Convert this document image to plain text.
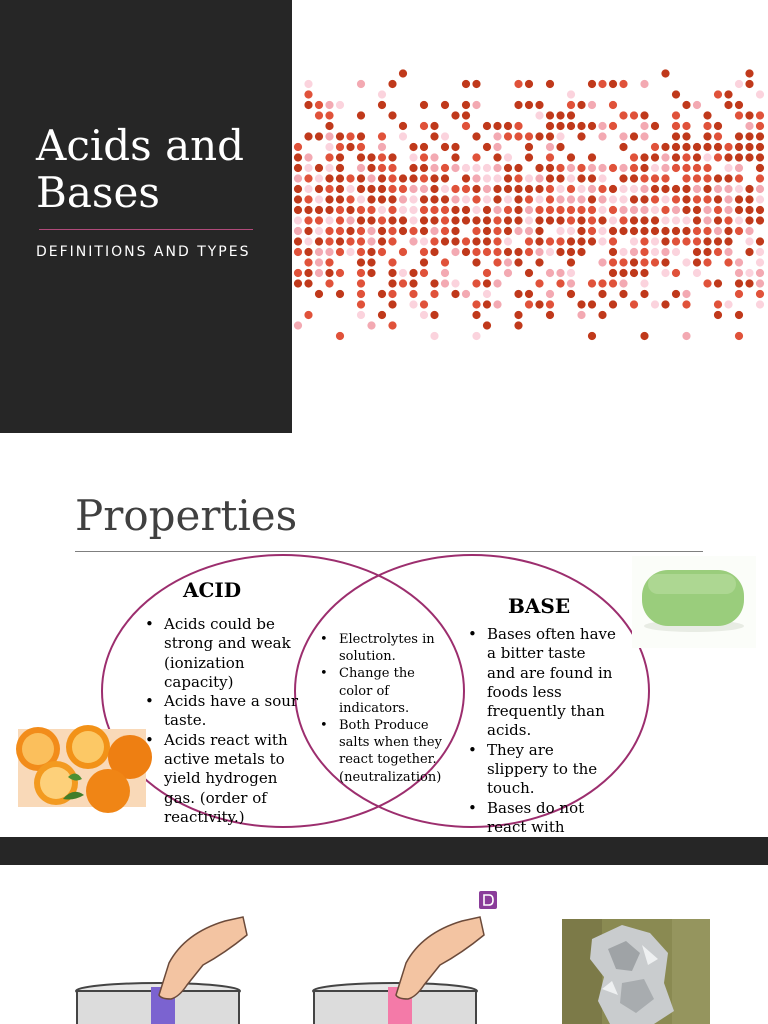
Acids and Bases
DEFINITIONS AND TYPES
Properties
ACID
• Acids could be strong and weak (ionization capacity)
• Acids have a sour taste.
• Acids react with active metals to yield hydrogen gas. (order of reactivity.)
• Electrolytes in solution.
• Change the color of indicators.
• Both Produce salts when they react together. (neutralization)
BASE
• Bases often have a bitter taste and are found in foods less frequently than acids.
• They are slippery to the touch.
• Bases do not react with
